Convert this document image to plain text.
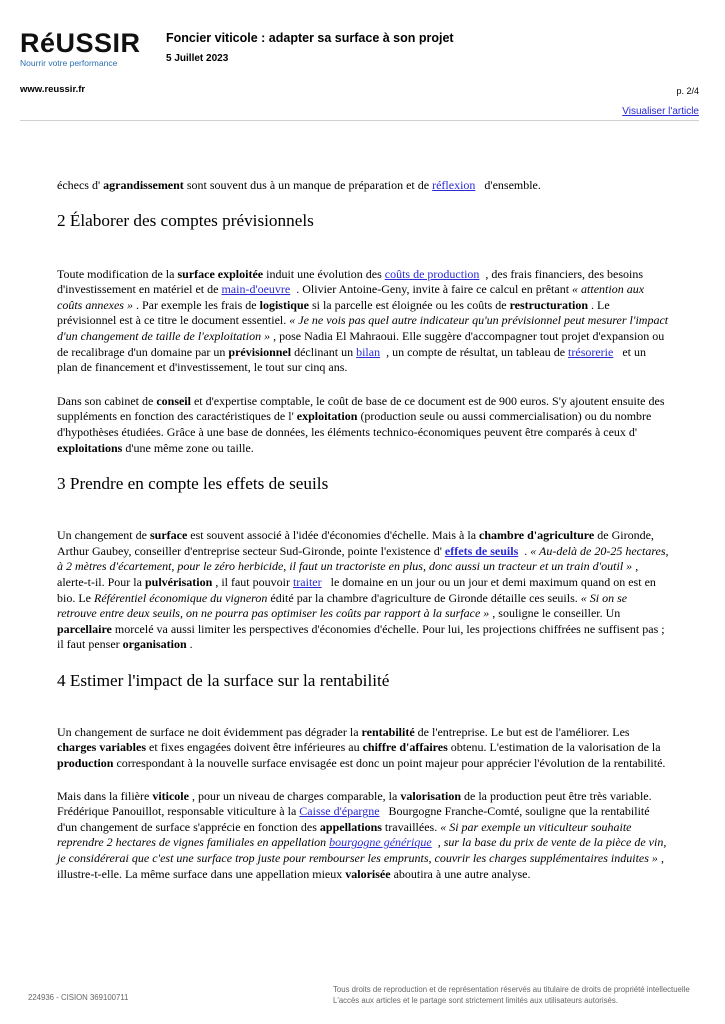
RéUSSIR
Nourrir votre performance
Foncier viticole : adapter sa surface à son projet
5 Juillet 2023
www.reussir.fr	p. 2/4
Visualiser l'article

échecs d' agrandissement sont souvent dus à un manque de préparation et de réflexion d'ensemble.

2 Élaborer des comptes prévisionnels

Toute modification de la surface exploitée induit une évolution des coûts de production , des frais financiers, des besoins d'investissement en matériel et de main-d'oeuvre . Olivier Antoine-Geny, invite à faire ce calcul en prêtant « attention aux coûts annexes » . Par exemple les frais de logistique si la parcelle est éloignée ou les coûts de restructuration . Le prévisionnel est à ce titre le document essentiel. « Je ne vois pas quel autre indicateur qu'un prévisionnel peut mesurer l'impact d'un changement de taille de l'exploitation » , pose Nadia El Mahraoui. Elle suggère d'accompagner tout projet d'expansion ou de recalibrage d'un domaine par un prévisionnel déclinant un bilan , un compte de résultat, un tableau de trésorerie et un plan de financement et d'investissement, le tout sur cinq ans.

Dans son cabinet de conseil et d'expertise comptable, le coût de base de ce document est de 900 euros. S'y ajoutent ensuite des suppléments en fonction des caractéristiques de l' exploitation (production seule ou aussi commercialisation) ou du nombre d'hypothèses étudiées. Grâce à une base de données, les éléments technico-économiques peuvent être comparés à ceux d' exploitations d'une même zone ou taille.

3 Prendre en compte les effets de seuils

Un changement de surface est souvent associé à l'idée d'économies d'échelle. Mais à la chambre d'agriculture de Gironde, Arthur Gaubey, conseiller d'entreprise secteur Sud-Gironde, pointe l'existence d' effets de seuils . « Au-delà de 20-25 hectares, à 2 mètres d'écartement, pour le zéro herbicide, il faut un tractoriste en plus, donc aussi un tracteur et un train d'outil » , alerte-t-il. Pour la pulvérisation , il faut pouvoir traiter le domaine en un jour ou un jour et demi maximum quand on est en bio. Le Référentiel économique du vigneron édité par la chambre d'agriculture de Gironde détaille ces seuils. « Si on se retrouve entre deux seuils, on ne pourra pas optimiser les coûts par rapport à la surface » , souligne le conseiller. Un parcellaire morcelé va aussi limiter les perspectives d'économies d'échelle. Pour lui, les projections chiffrées ne suffisent pas ; il faut penser organisation .

4 Estimer l'impact de la surface sur la rentabilité

Un changement de surface ne doit évidemment pas dégrader la rentabilité de l'entreprise. Le but est de l'améliorer. Les charges variables et fixes engagées doivent être inférieures au chiffre d'affaires obtenu. L'estimation de la valorisation de la production correspondant à la nouvelle surface envisagée est donc un point majeur pour apprécier l'évolution de la rentabilité.

Mais dans la filière viticole , pour un niveau de charges comparable, la valorisation de la production peut être très variable. Frédérique Panouillot, responsable viticulture à la Caisse d'épargne Bourgogne Franche-Comté, souligne que la rentabilité d'un changement de surface s'apprécie en fonction des appellations travaillées. « Si par exemple un viticulteur souhaite reprendre 2 hectares de vignes familiales en appellation bourgogne générique , sur la base du prix de vente de la pièce de vin, je considérerai que c'est une surface trop juste pour rembourser les emprunts, couvrir les charges supplémentaires induites » , illustre-t-elle. La même surface dans une appellation mieux valorisée aboutira à une autre analyse.

224936 - CISION 369100711
Tous droits de reproduction et de représentation réservés au titulaire de droits de propriété intellectuelle
L'accès aux articles et le partage sont strictement limités aux utilisateurs autorisés.
